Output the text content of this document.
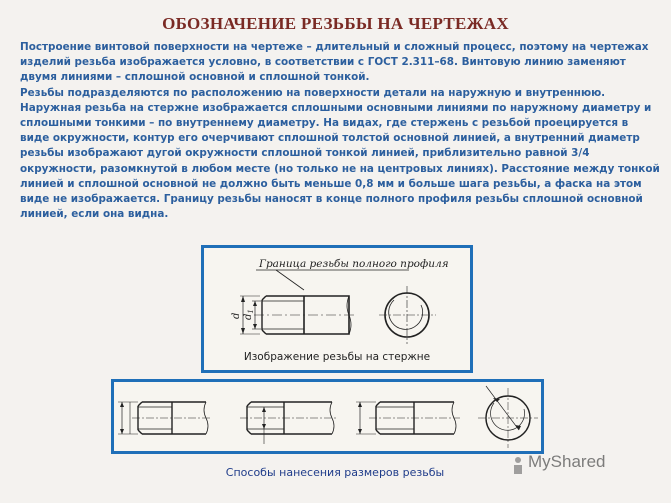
ОБОЗНАЧЕНИЕ РЕЗЬБЫ НА ЧЕРТЕЖАХ

Построение винтовой поверхности на чертеже – длительный и сложный процесс, поэтому на чертежах изделий резьба изображается условно, в соответствии с ГОСТ 2.311–68. Винтовую линию заменяют двумя линиями – сплошной основной и сплошной тонкой.

Резьбы подразделяются по расположению на поверхности детали на наружную и внутреннюю.

Наружная резьба на стержне изображается сплошными основными линиями по наружному диаметру и сплошными тонкими – по внутреннему диаметру. На видах, где стержень с резьбой проецируется в виде окружности, контур его очерчивают сплошной толстой основной линией, а внутренний диаметр резьбы изображают дугой окружности сплошной тонкой линией, приблизительно равной 3/4 окружности, разомкнутой в любом месте (но только не на центровых линиях). Расстояние между тонкой линией и сплошной основной не должно быть меньше 0,8 мм и больше шага резьбы, а фаска на этом виде не изображается. Границу резьбы наносят в конце полного профиля резьбы сплошной основной линией, если она видна.

Граница резьбы полного профиля
d $d_1$
Изображение резьбы на стержне
Способы нанесения размеров резьбы
MyShared
